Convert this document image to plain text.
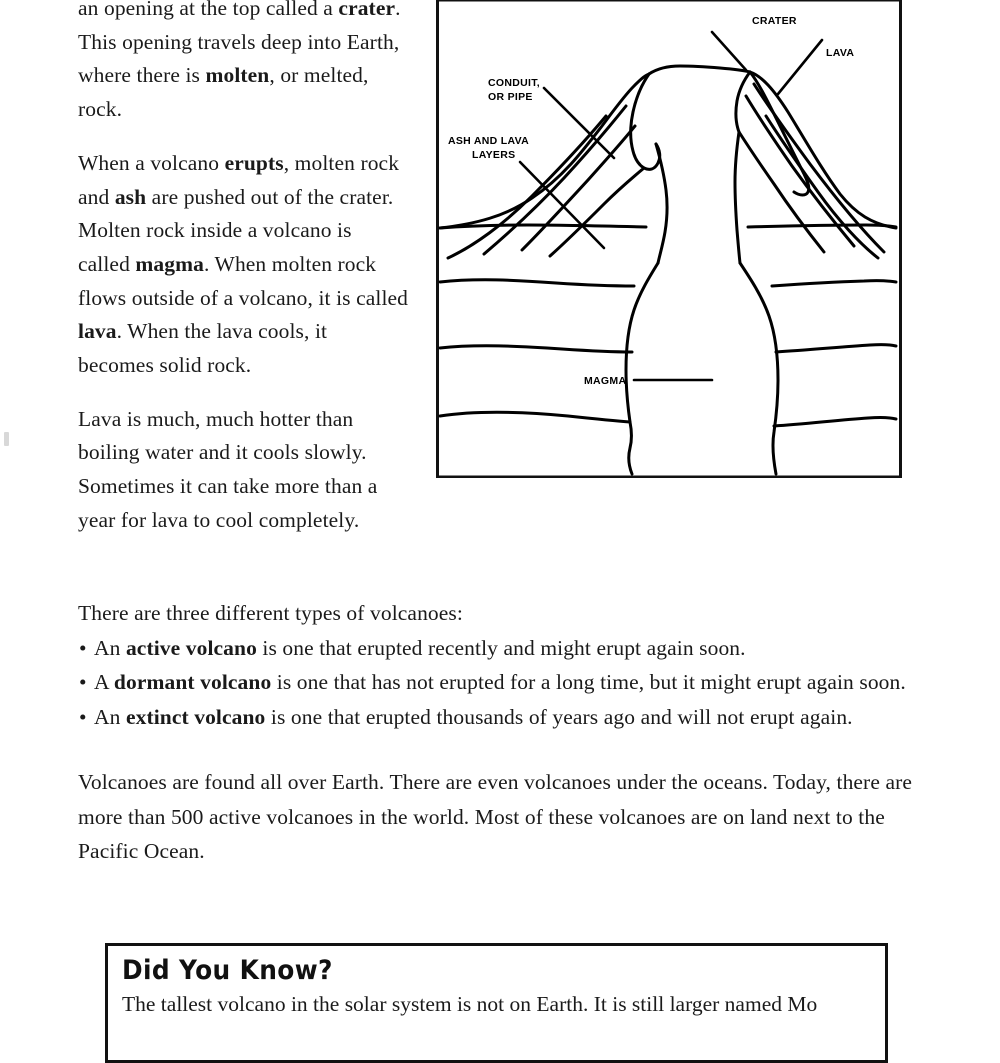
an opening at the top called a crater. This opening travels deep into Earth, where there is molten, or melted, rock.

When a volcano erupts, molten rock and ash are pushed out of the crater. Molten rock inside a volcano is called magma. When molten rock flows outside of a volcano, it is called lava. When the lava cools, it becomes solid rock.

Lava is much, much hotter than boiling water and it cools slowly. Sometimes it can take more than a year for lava to cool completely.

CRATER
LAVA
CONDUIT,
OR PIPE
ASH AND LAVA
LAYERS
MAGMA

There are three different types of volcanoes:

• An active volcano is one that erupted recently and might erupt again soon.
• A dormant volcano is one that has not erupted for a long time, but it might erupt again soon.
• An extinct volcano is one that erupted thousands of years ago and will not erupt again.

Volcanoes are found all over Earth. There are even volcanoes under the oceans. Today, there are more than 500 active volcanoes in the world. Most of these volcanoes are on land next to the Pacific Ocean.

Did You Know?
The tallest volcano in the solar system is not on Earth. It is still larger named Mo
